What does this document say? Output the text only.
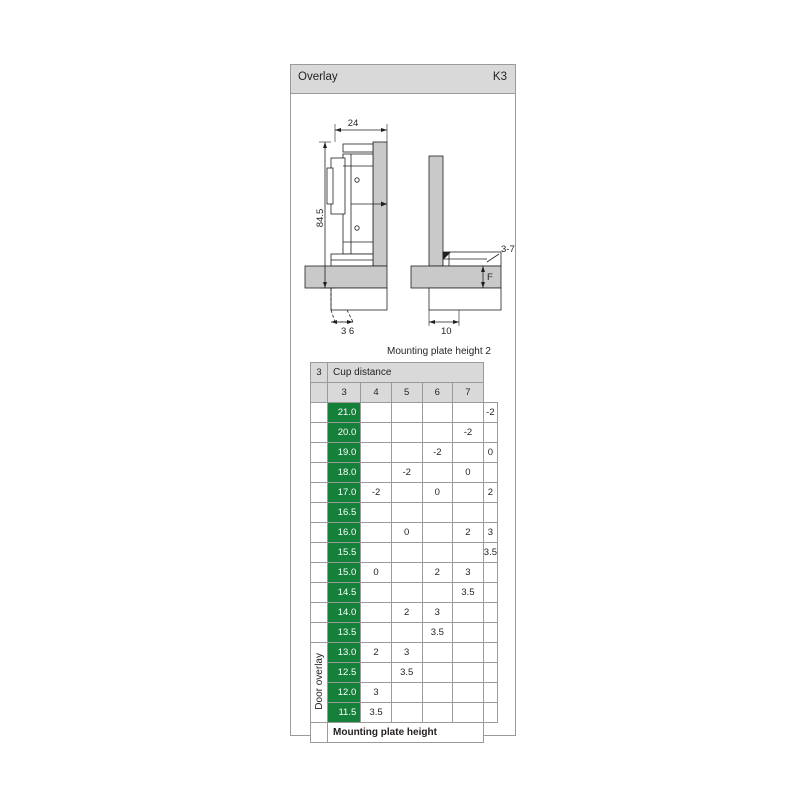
Overlay	K3
24
84.5
3-7
F
3 6	10
Mounting plate height 2
3	Cup distance					
	3	4	5	6	7	
	21.0					-2
	20.0				-2	
	19.0			-2		0
	18.0		-2		0	
	17.0	-2		0		2
	16.5					
	16.0		0		2	3
	15.5					3.5
	15.0	0		2	3	
	14.5				3.5	
	14.0		2	3		
	13.5			3.5		
Door overlay	13.0	2	3			
	12.5		3.5			
	12.0	3				
	11.5	3.5				
	Mounting plate height					
